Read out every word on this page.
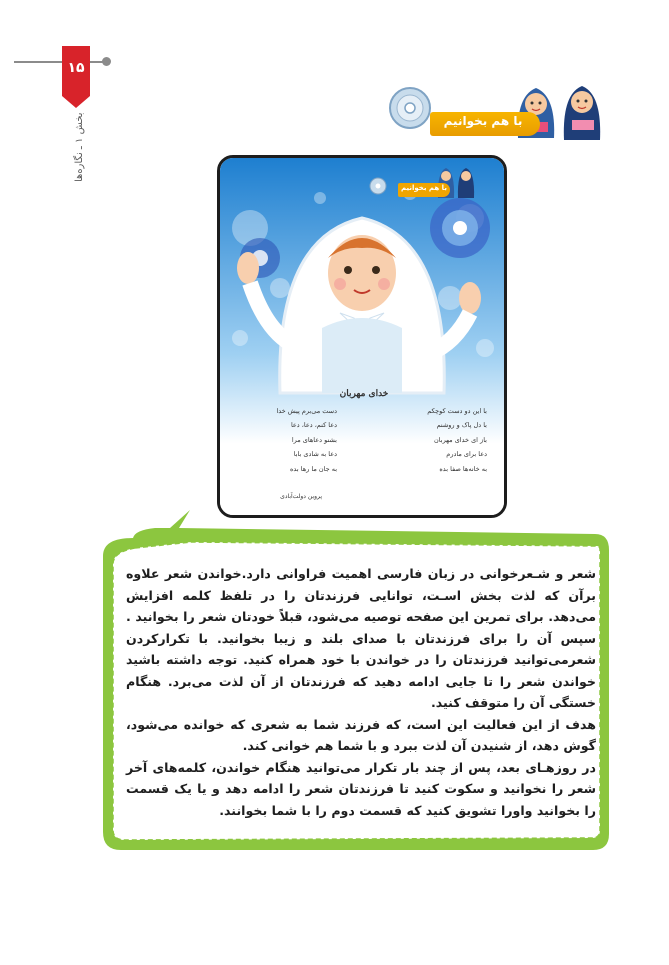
۱۵
بخش ۱ ـ نگاره‌ها	با هم بخوانیم
با هم بخوانیم
خدای مهربان
با این دو دست کوچکم
با دل پاک و روشنم
باز ای خدای مهربان
دعا برای مادرم
به خانه‌ها صفا بده
دست می‌برم پیش خدا
دعا کنم، دعا، دعا
بشنو دعاهای مرا
دعا به شادی بابا
به جان ما رها بده
پروین دولت‌آبادی

شعر و شـعرخوانی در زبان فارسی اهمیت فراوانی دارد.خواندن شعر علاوه برآن که لذت بخش اسـت، توانایی فرزندتان را در تلفظ کلمه افزایش می‌دهد. برای تمرین این صفحه توصیه می‌شود، قبلاً خودتان شعر را بخوانید . سپس آن را برای فرزندتان با صدای بلند و زیبا بخوانید. با تکرارکردن شعرمی‌توانید فرزندتان را در خواندن با خود همراه کنید. توجه داشته باشید خواندن شعر را تا جایی ادامه دهید که فرزندتان از آن لذت می‌برد. هنگام خستگی آن را متوقف کنید.

هدف از این فعالیت این است، که فرزند شما به شعری که خوانده می‌شود، گوش دهد، از شنیدن آن لذت ببرد و با شما هم خوانی کند.

در روزهـای بعد، پس از چند بار تکرار می‌توانید هنگام خواندن، کلمه‌های آخر شعر را نخوانید و سکوت کنید تا فرزندتان شعر را ادامه دهد و یا یک قسمت را بخوانید واورا تشویق کنید که قسمت دوم را با شما بخوانند.
